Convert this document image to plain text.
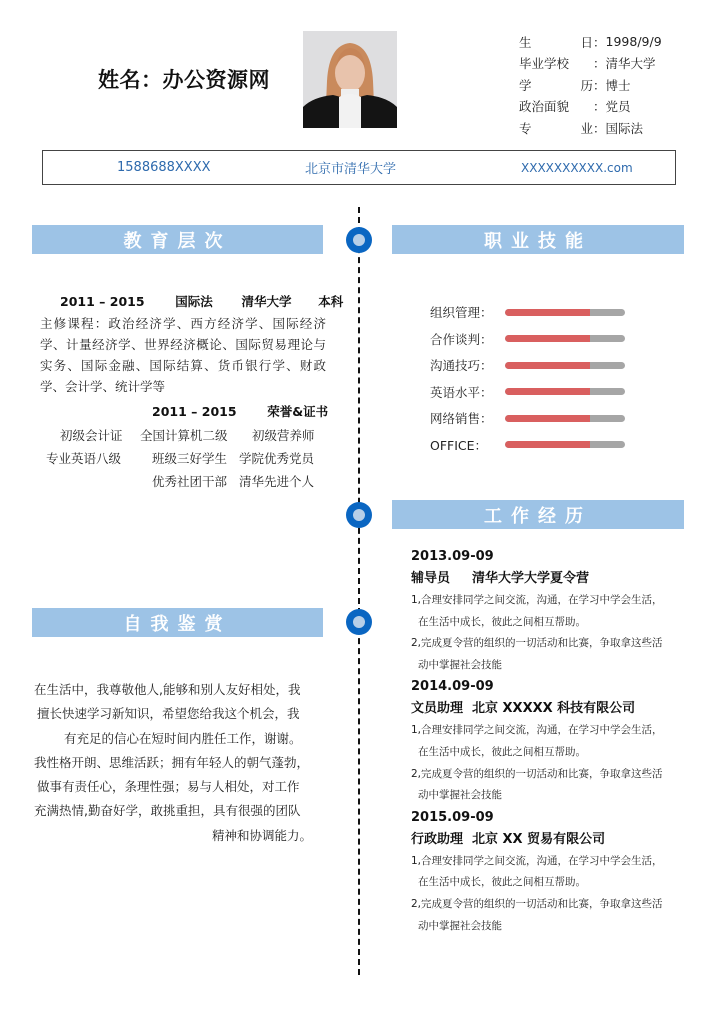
姓名：办公资源网
生	日 ： 1998/9/9
毕业学校 ： 清华大学
学	历 ： 博士
政治面貌 ： 党员
专	业 ： 国际法
1588688XXXX	北京市清华大学	XXXXXXXXXX.com
教育层次	职业技能
工作经历
自我鉴赏
2011 – 2015 国际法 清华大学 本科
主修课程：政治经济学、西方经济学、国际经济学、计量经济学、世界经济概论、国际贸易理论与实务、国际金融、国际结算、货币银行学、财政学、会计学、统计学等
2011 – 2015 荣誉&证书
初级会计证 全国计算机二级 初级营养师
专业英语八级 班级三好学生 学院优秀党员
优秀社团干部 清华先进个人
组织管理：
合作谈判：
沟通技巧：
英语水平：
网络销售：
OFFICE：
2013.09-09
辅导员 清华大学大学夏令营
1,合理安排同学之间交流，沟通，在学习中学会生活，
在生活中成长，彼此之间相互帮助。
2,完成夏令营的组织的一切活动和比赛，争取拿这些活
动中掌握社会技能
2014.09-09
文员助理 北京 XXXXX 科技有限公司
1,合理安排同学之间交流，沟通，在学习中学会生活，
在生活中成长，彼此之间相互帮助。
2,完成夏令营的组织的一切活动和比赛，争取拿这些活
动中掌握社会技能
2015.09-09
行政助理 北京 XX 贸易有限公司
1,合理安排同学之间交流，沟通，在学习中学会生活，
在生活中成长，彼此之间相互帮助。
2,完成夏令营的组织的一切活动和比赛，争取拿这些活
动中掌握社会技能
在生活中，我尊敬他人,能够和别人友好相处，我
擅长快速学习新知识，希望您给我这个机会，我
有充足的信心在短时间内胜任工作，谢谢。
我性格开朗、思维活跃；拥有年轻人的朝气蓬勃，
做事有责任心，条理性强；易与人相处，对工作
充满热情,勤奋好学，敢挑重担，具有很强的团队
精神和协调能力。
